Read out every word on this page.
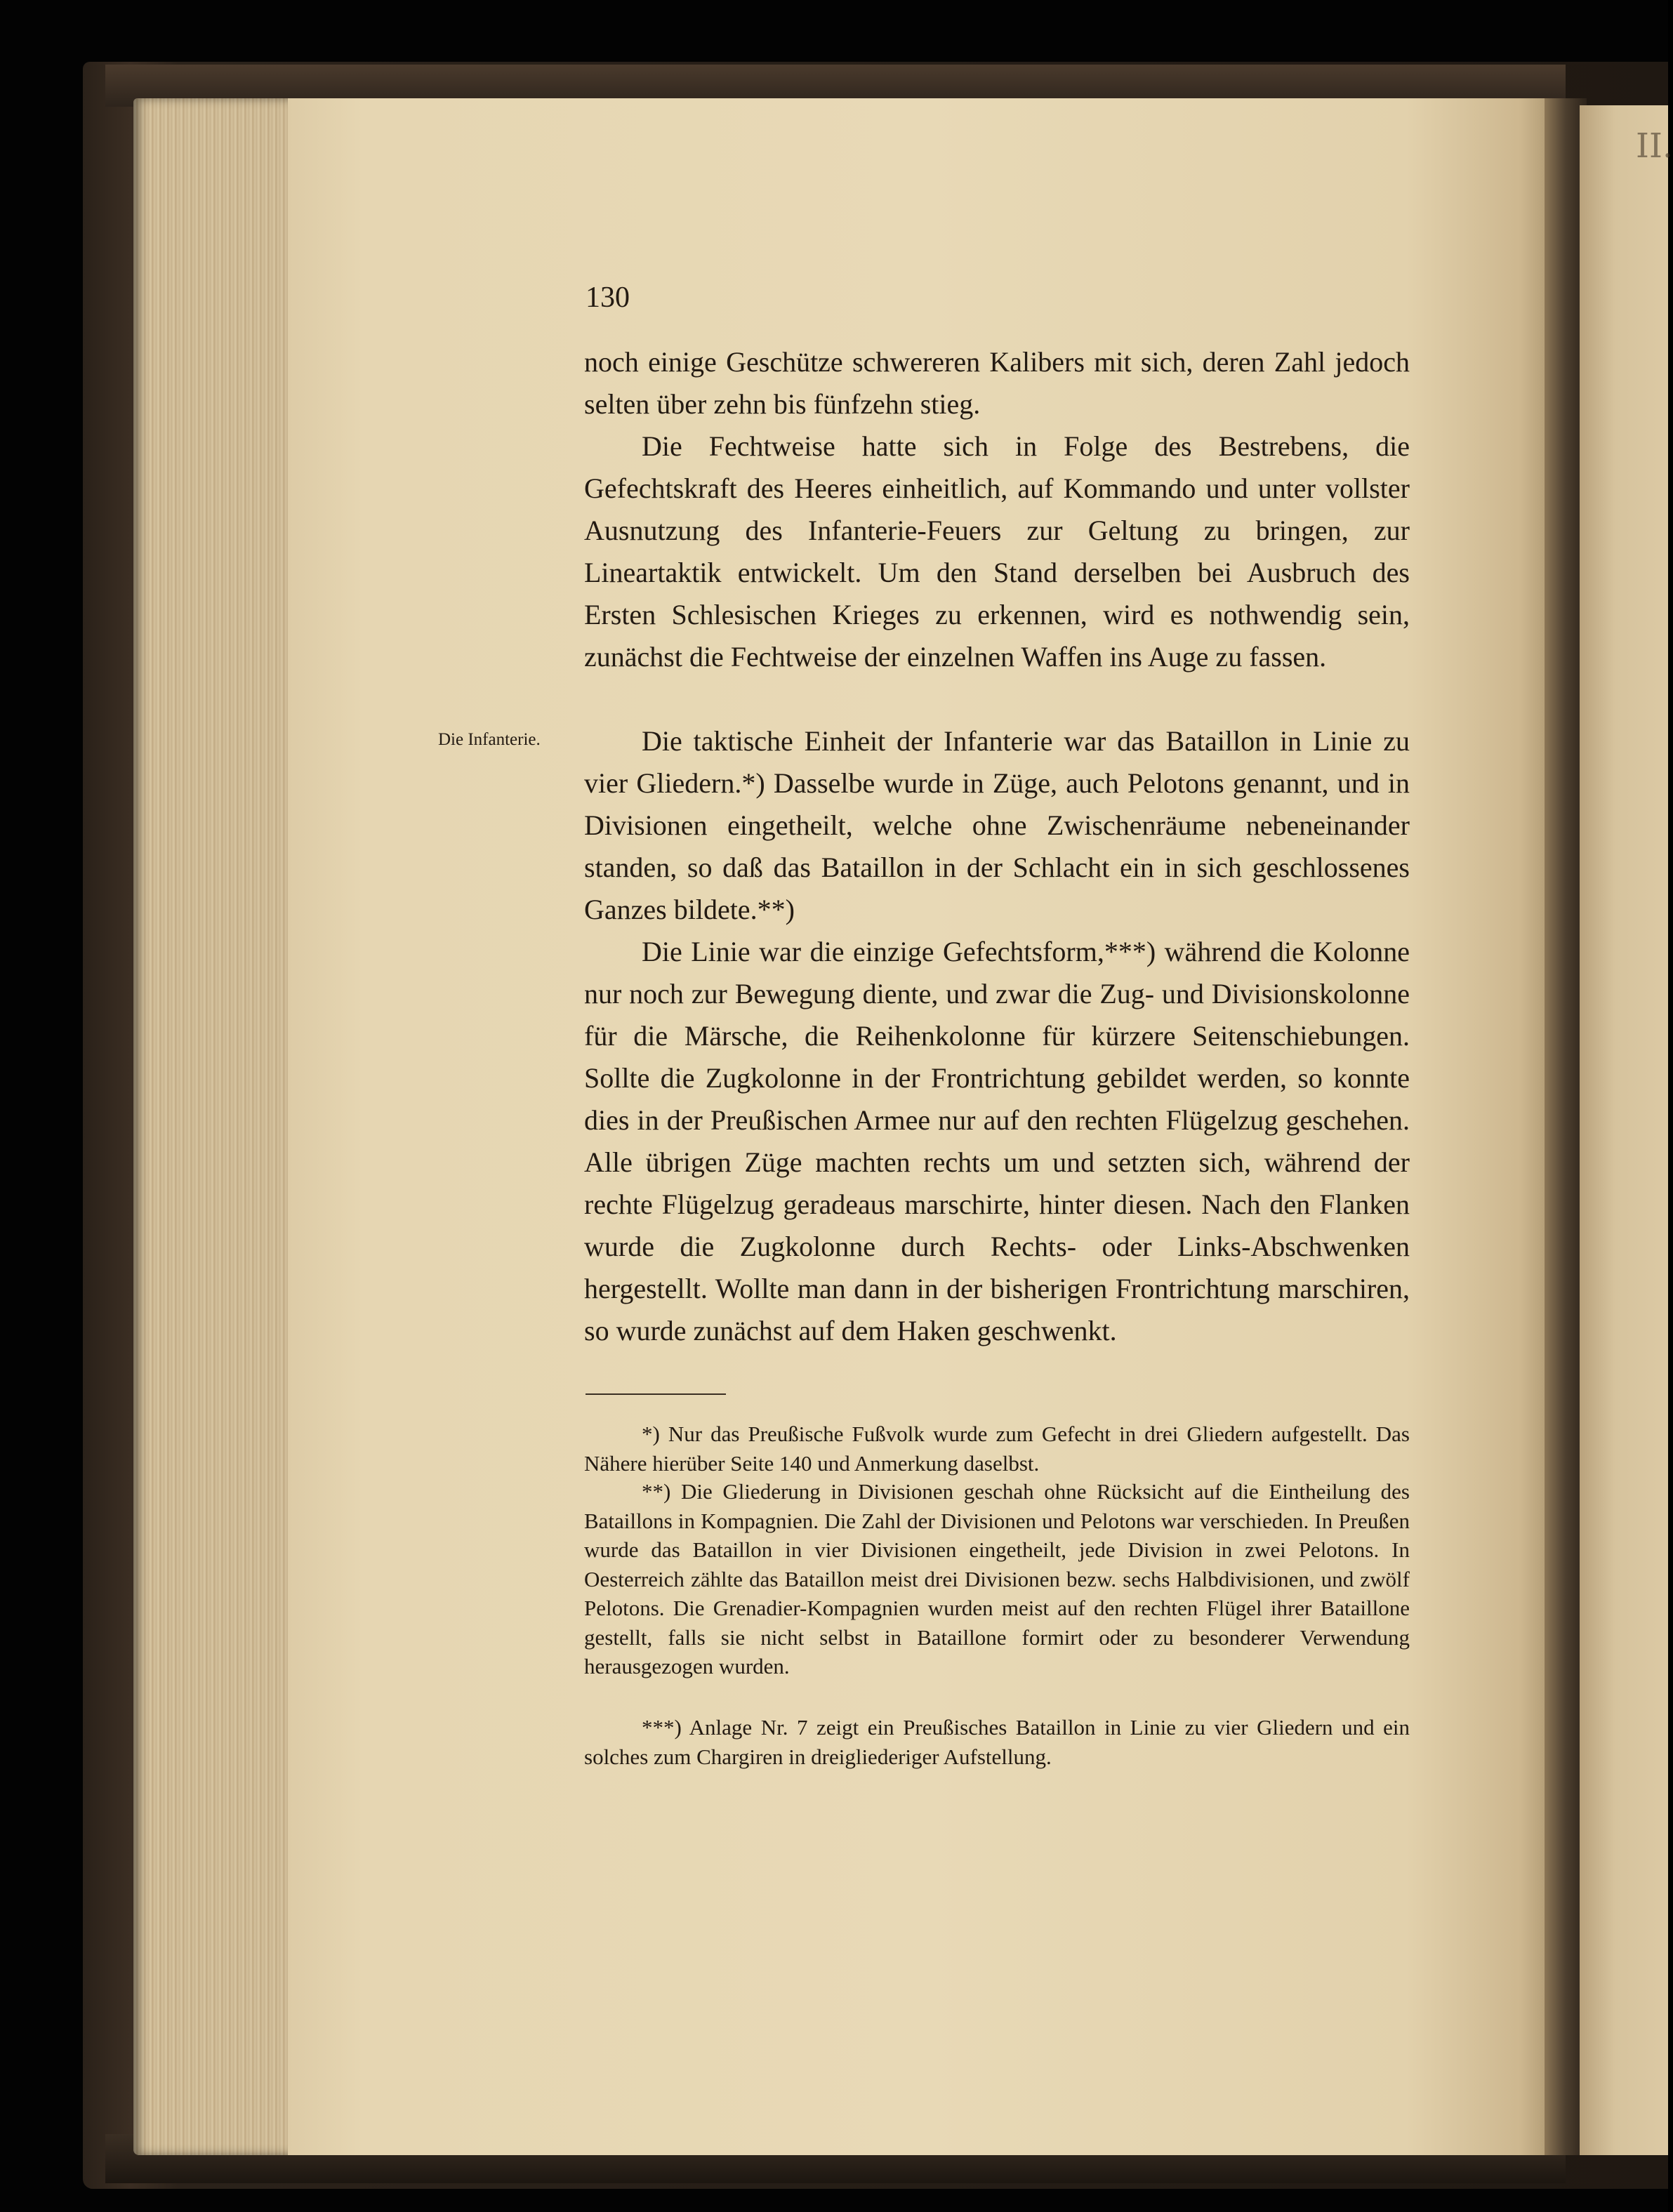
II.

130

noch einige Geschütze schwereren Kalibers mit sich, deren Zahl jedoch selten über zehn bis fünfzehn stieg.

Die Fechtweise hatte sich in Folge des Bestrebens, die Gefechtskraft des Heeres einheitlich, auf Kommando und unter vollster Ausnutzung des Infanterie-Feuers zur Geltung zu bringen, zur Lineartaktik entwickelt. Um den Stand derselben bei Ausbruch des Ersten Schlesischen Krieges zu erkennen, wird es nothwendig sein, zunächst die Fechtweise der einzelnen Waffen ins Auge zu fassen.

Die Infanterie.	Die taktische Einheit der Infanterie war das Bataillon in Linie zu vier Gliedern.*) Dasselbe wurde in Züge, auch Pelotons genannt, und in Divisionen eingetheilt, welche ohne Zwischenräume nebeneinander standen, so daß das Bataillon in der Schlacht ein in sich geschlossenes Ganzes bildete.**)

Die Linie war die einzige Gefechtsform,***) während die Kolonne nur noch zur Bewegung diente, und zwar die Zug- und Divisionskolonne für die Märsche, die Reihenkolonne für kürzere Seitenschiebungen. Sollte die Zugkolonne in der Frontrichtung gebildet werden, so konnte dies in der Preußischen Armee nur auf den rechten Flügelzug geschehen. Alle übrigen Züge machten rechts um und setzten sich, während der rechte Flügelzug geradeaus marschirte, hinter diesen. Nach den Flanken wurde die Zugkolonne durch Rechts- oder Links-Abschwenken hergestellt. Wollte man dann in der bisherigen Frontrichtung marschiren, so wurde zunächst auf dem Haken geschwenkt.

*) Nur das Preußische Fußvolk wurde zum Gefecht in drei Gliedern aufgestellt. Das Nähere hierüber Seite 140 und Anmerkung daselbst.

**) Die Gliederung in Divisionen geschah ohne Rücksicht auf die Eintheilung des Bataillons in Kompagnien. Die Zahl der Divisionen und Pelotons war verschieden. In Preußen wurde das Bataillon in vier Divisionen eingetheilt, jede Division in zwei Pelotons. In Oesterreich zählte das Bataillon meist drei Divisionen bezw. sechs Halbdivisionen, und zwölf Pelotons. Die Grenadier-Kompagnien wurden meist auf den rechten Flügel ihrer Bataillone gestellt, falls sie nicht selbst in Bataillone formirt oder zu besonderer Verwendung herausgezogen wurden.

***) Anlage Nr. 7 zeigt ein Preußisches Bataillon in Linie zu vier Gliedern und ein solches zum Chargiren in dreigliederiger Aufstellung.
